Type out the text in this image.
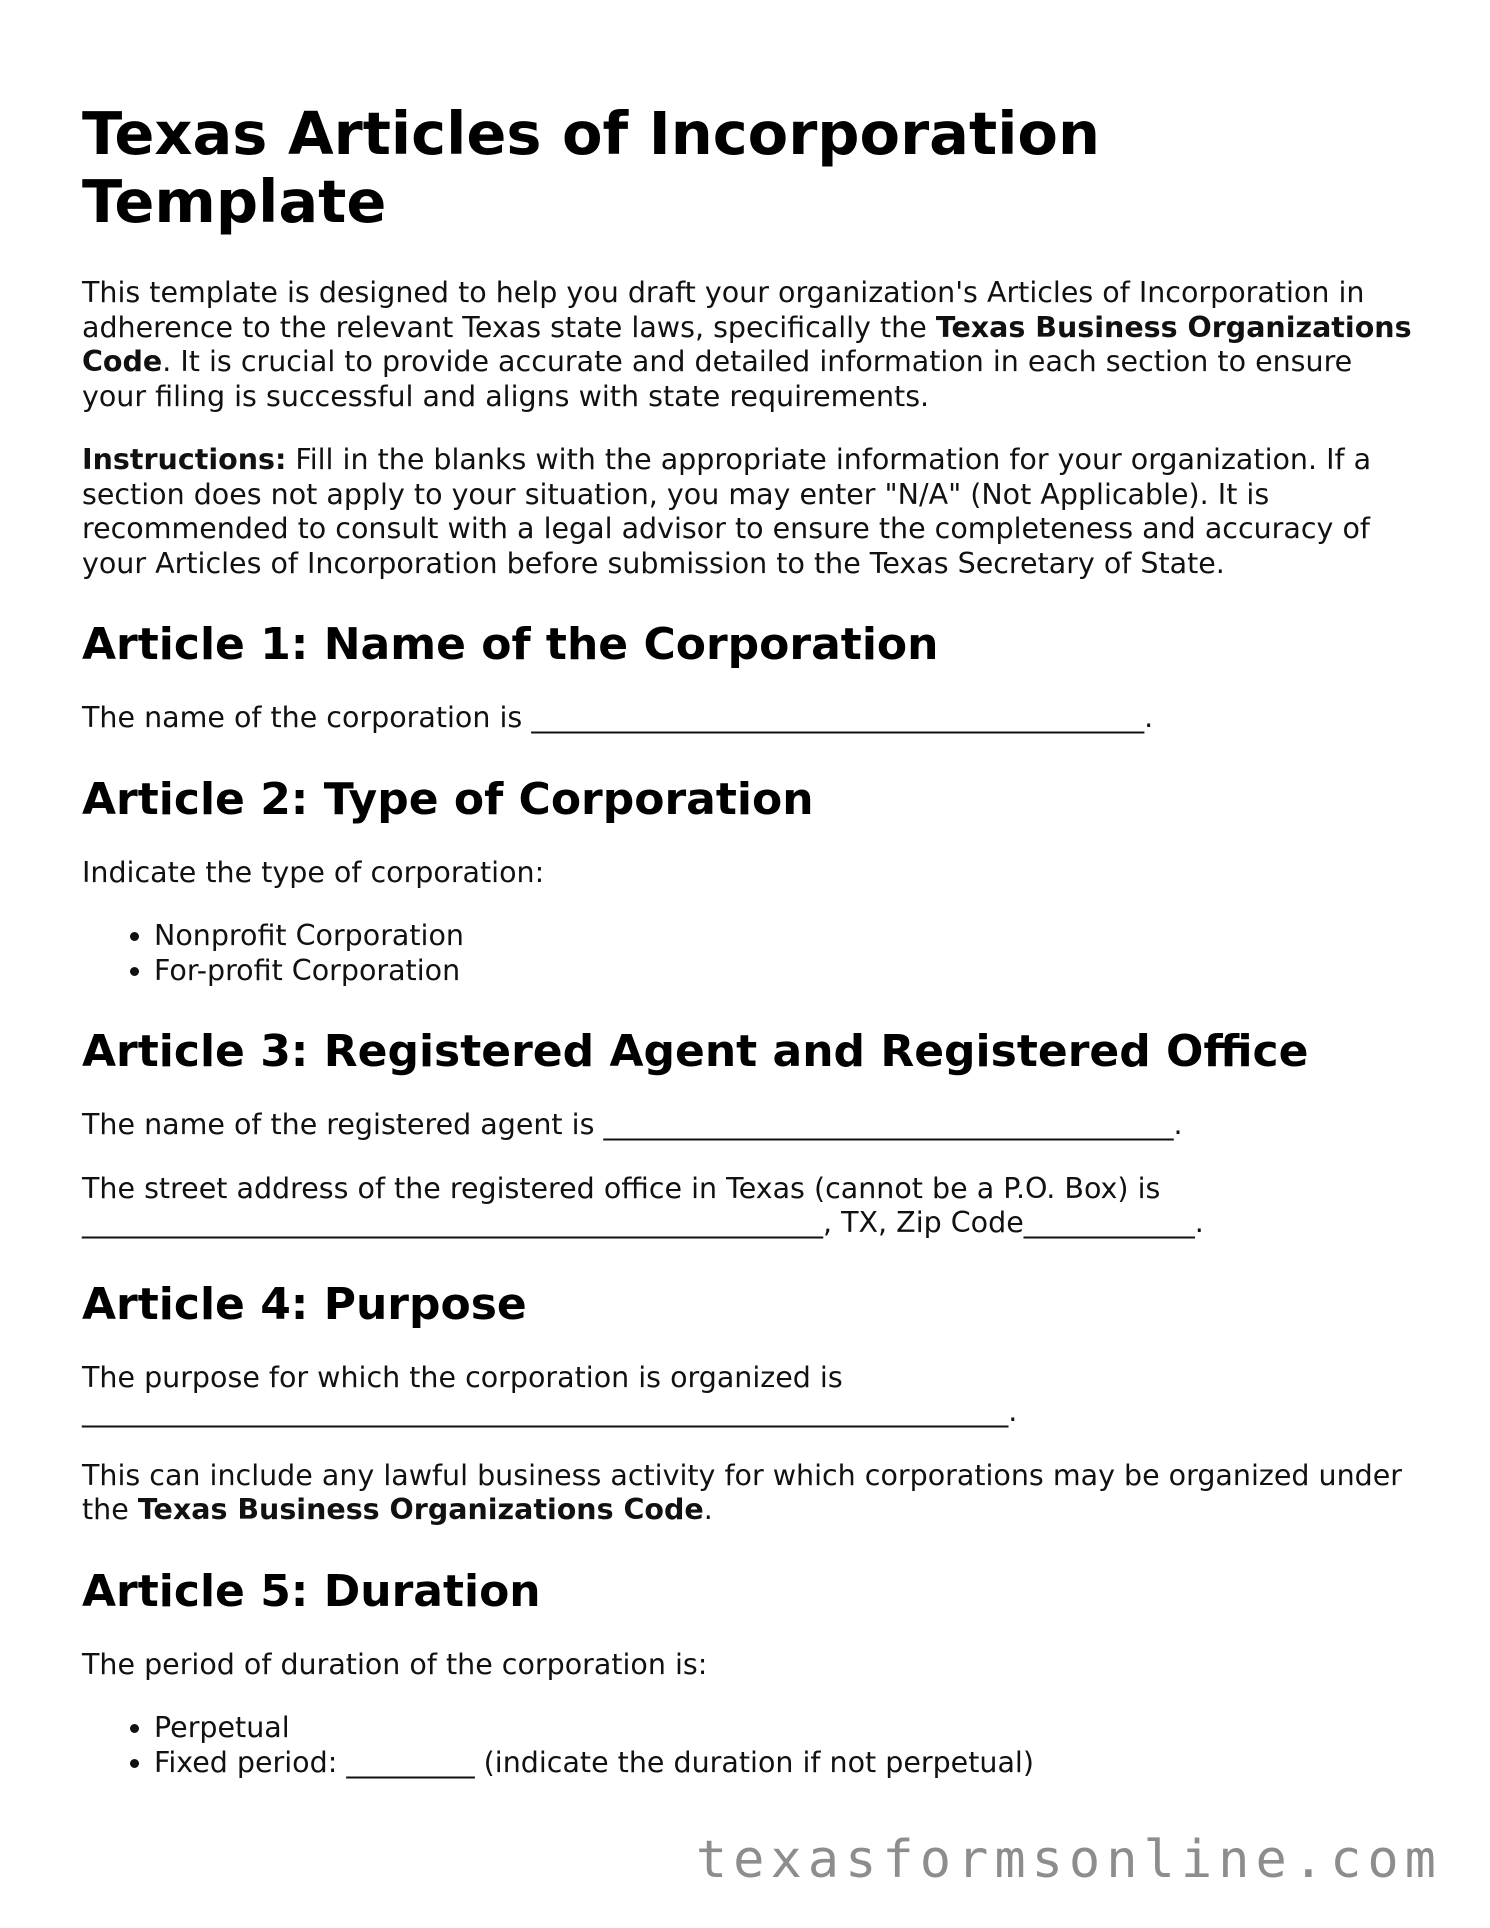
Texas Articles of Incorporation Template

This template is designed to help you draft your organization's Articles of Incorporation in adherence to the relevant Texas state laws, specifically the Texas Business Organizations Code. It is crucial to provide accurate and detailed information in each section to ensure your filing is successful and aligns with state requirements.

Instructions: Fill in the blanks with the appropriate information for your organization. If a section does not apply to your situation, you may enter "N/A" (Not Applicable). It is recommended to consult with a legal advisor to ensure the completeness and accuracy of your Articles of Incorporation before submission to the Texas Secretary of State.

Article 1: Name of the Corporation

The name of the corporation is ___________________________________________.

Article 2: Type of Corporation

Indicate the type of corporation:

• Nonprofit Corporation
• For-profit Corporation
Article 3: Registered Agent and Registered Office

The name of the registered agent is ________________________________________.

The street address of the registered office in Texas (cannot be a P.O. Box) is
____________________________________________________, TX, Zip Code____________.

Article 4: Purpose

The purpose for which the corporation is organized is
_________________________________________________________________.

This can include any lawful business activity for which corporations may be organized under the Texas Business Organizations Code.

Article 5: Duration

The period of duration of the corporation is:

• Perpetual
• Fixed period: _________ (indicate the duration if not perpetual)
texasformsonline.com
